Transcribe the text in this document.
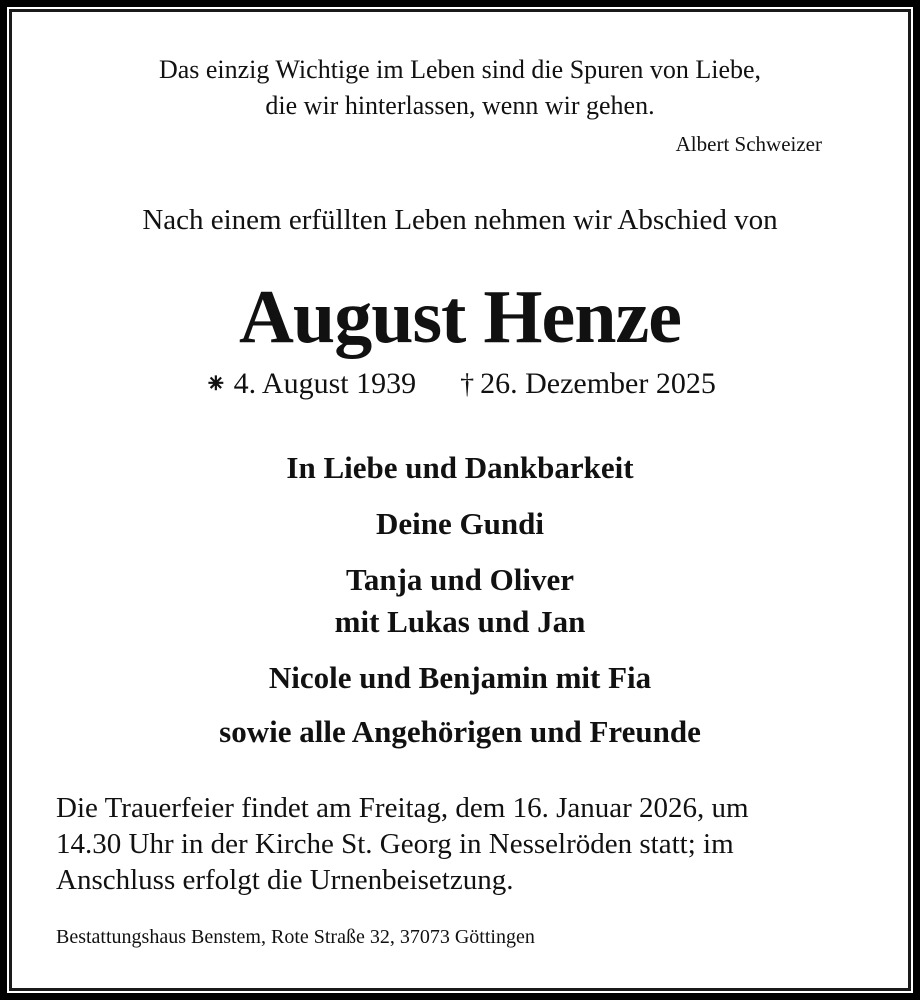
Das einzig Wichtige im Leben sind die Spuren von Liebe,
die wir hinterlassen, wenn wir gehen.
Albert Schweizer
Nach einem erfüllten Leben nehmen wir Abschied von
August Henze
⁕ 4. August 1939 † 26. Dezember 2025
In Liebe und Dankbarkeit
Deine Gundi
Tanja und Oliver
mit Lukas und Jan
Nicole und Benjamin mit Fia
sowie alle Angehörigen und Freunde
Die Trauerfeier findet am Freitag, dem 16. Januar 2026, um
14.30 Uhr in der Kirche St. Georg in Nesselröden statt; im
Anschluss erfolgt die Urnenbeisetzung.
Bestattungshaus Benstem, Rote Straße 32, 37073 Göttingen
